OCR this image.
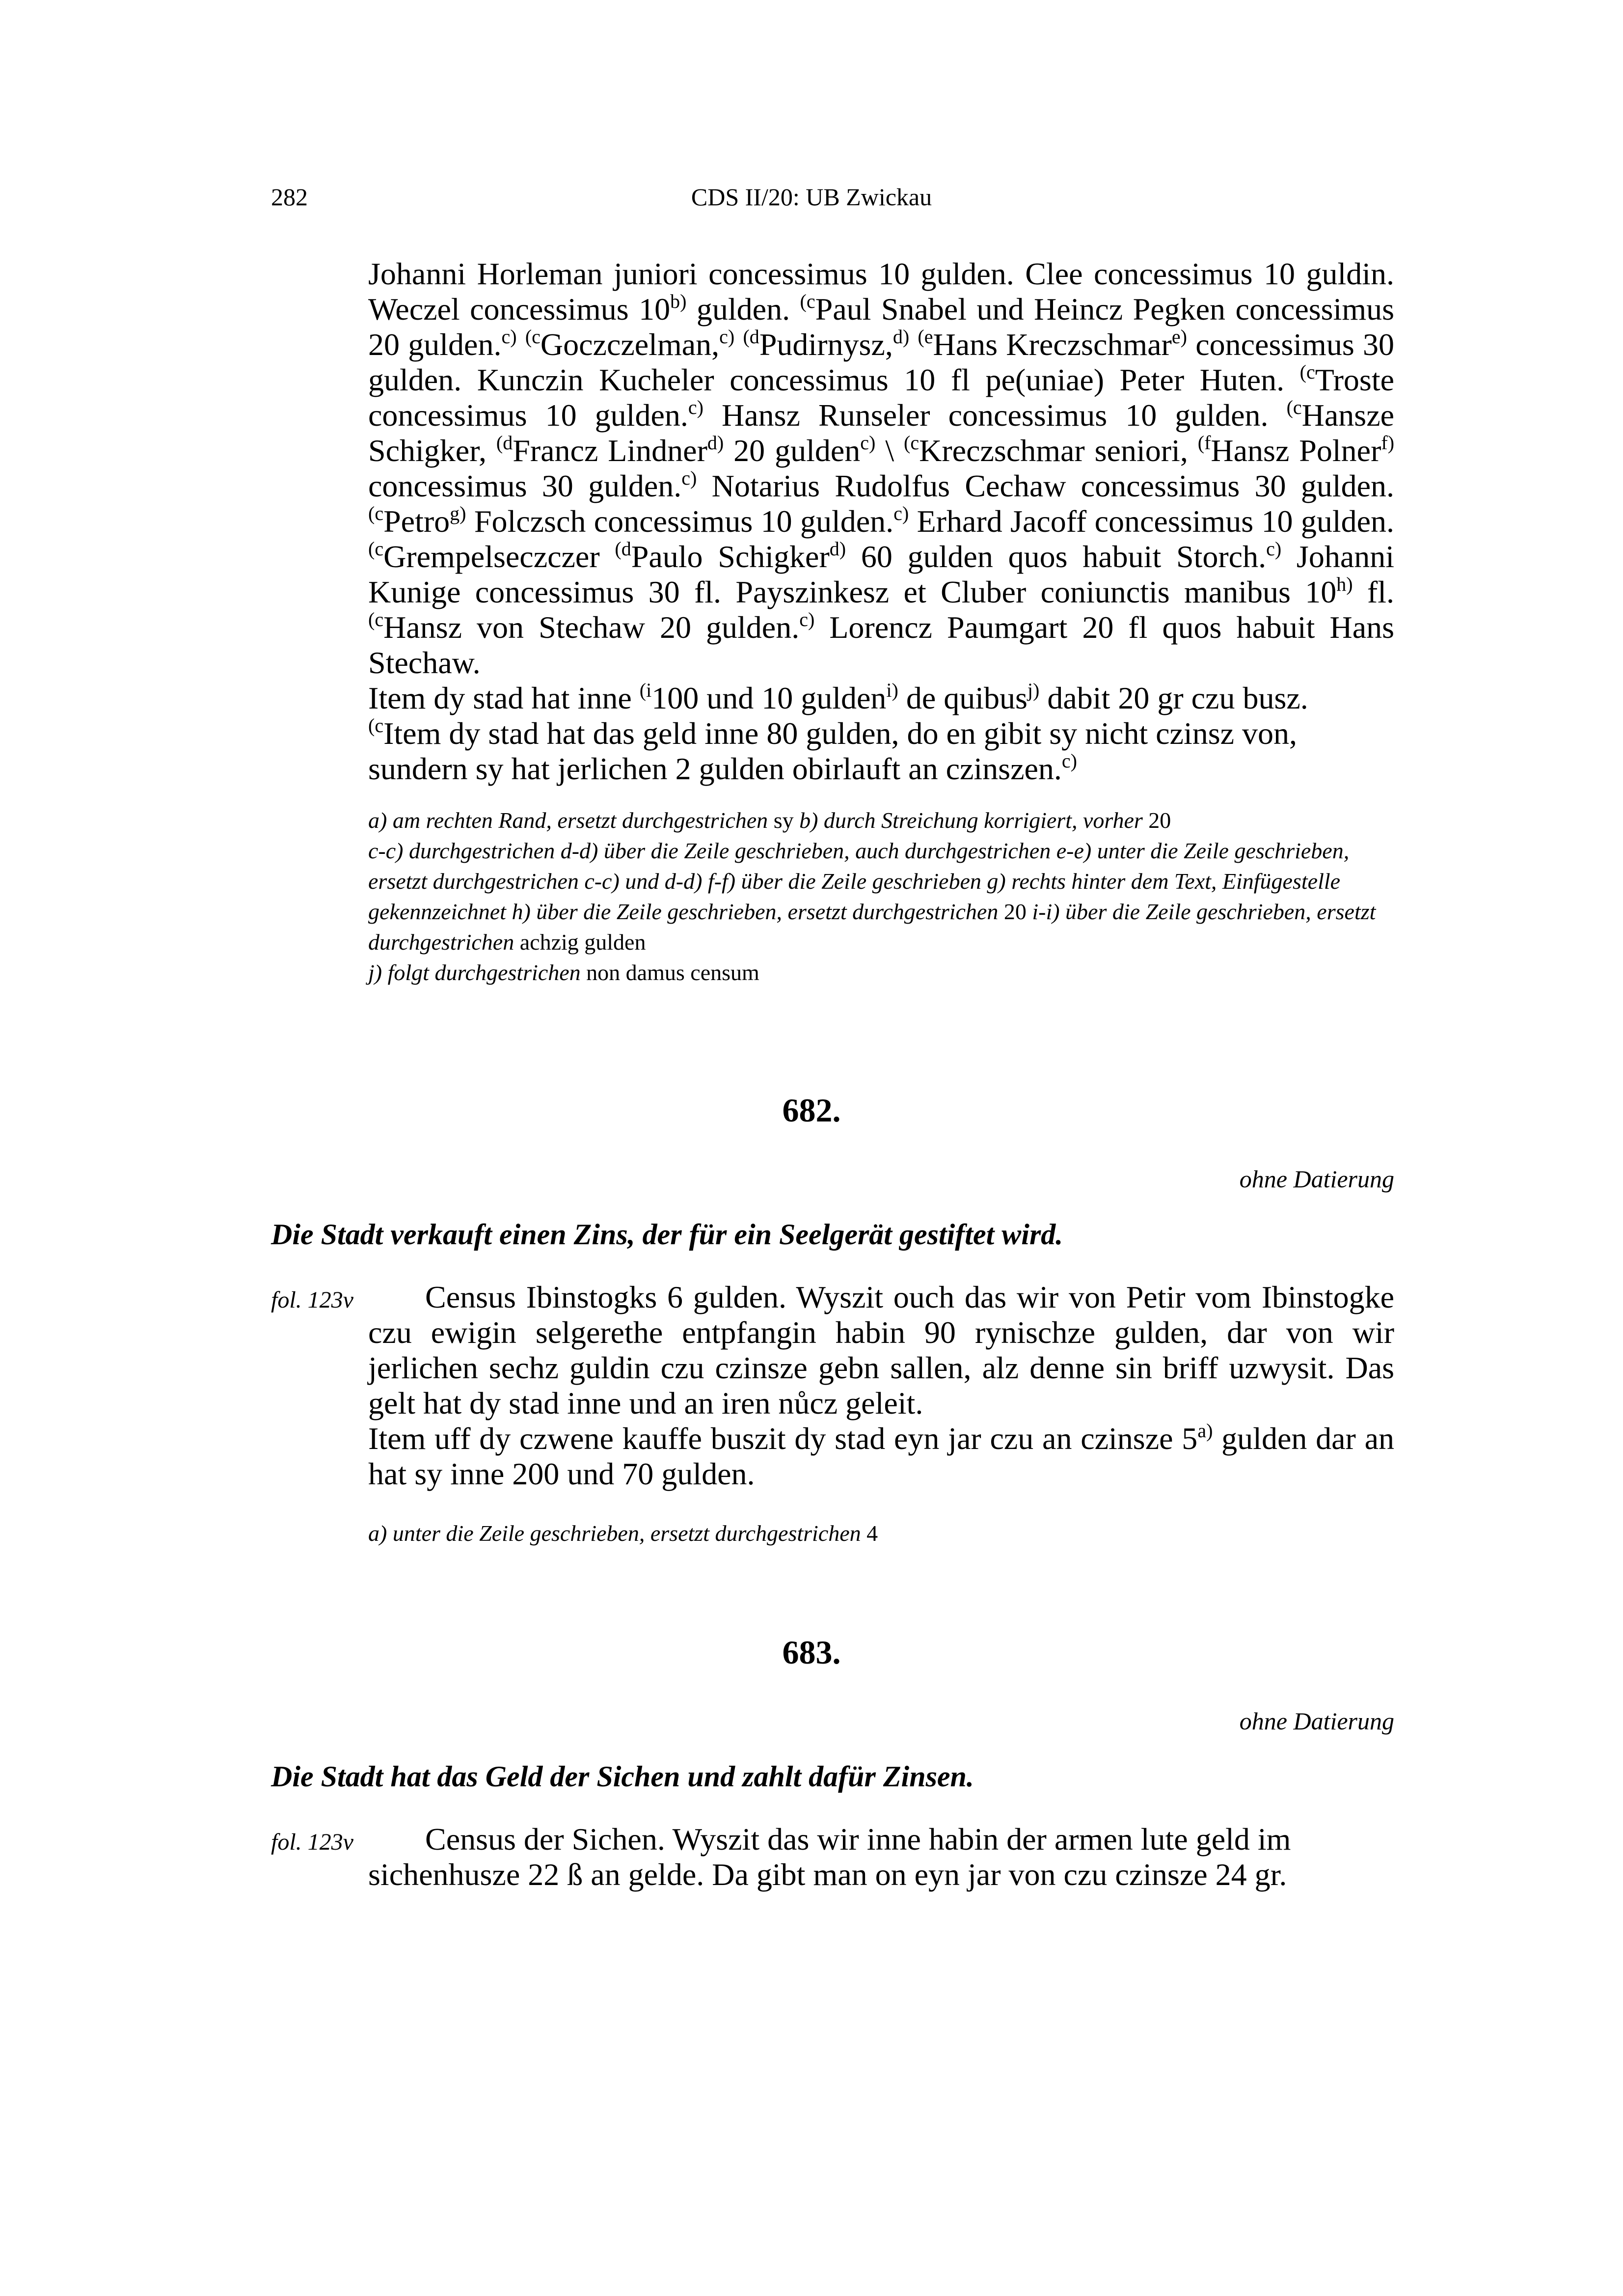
282	CDS II/20: UB Zwickau

Johanni Horleman juniori concessimus 10 gulden. Clee concessimus 10 guldin. Weczel concessimus 10$^{b)}$ gulden. $^{(c}$Paul Snabel und Heincz Pegken concessimus 20 gulden.$^{c)}$ $^{(c}$Goczczelman,$^{c)}$ $^{(d}$Pudirnysz,$^{d)}$ $^{(e}$Hans Kreczschmar$^{e)}$ concessimus 30 gulden. Kunczin Kucheler concessimus 10 fl pe(uniae) Peter Huten. $^{(c}$Troste concessimus 10 gulden.$^{c)}$ Hansz Runseler concessimus 10 gulden. $^{(c}$Hansze Schigker, $^{(d}$Francz Lindner$^{d)}$ 20 gulden$^{c)}$ \ $^{(c}$Kreczschmar seniori, $^{(f}$Hansz Polner$^{f)}$ concessimus 30 gulden.$^{c)}$ Notarius Rudolfus Cechaw concessimus 30 gulden. $^{(c}$Petro$^{g)}$ Folczsch concessimus 10 gulden.$^{c)}$ Erhard Jacoff concessimus 10 gulden. $^{(c}$Grempelseczczer $^{(d}$Paulo Schigker$^{d)}$ 60 gulden quos habuit Storch.$^{c)}$ Johanni Kunige concessimus 30 fl. Payszinkesz et Cluber coniunctis manibus 10$^{h)}$ fl. $^{(c}$Hansz von Stechaw 20 gulden.$^{c)}$ Lorencz Paumgart 20 fl quos habuit Hans Stechaw.

Item dy stad hat inne $^{(i}$100 und 10 gulden$^{i)}$ de quibus$^{j)}$ dabit 20 gr czu busz.

$^{(c}$Item dy stad hat das geld inne 80 gulden, do en gibit sy nicht czinsz von, sundern sy hat jerlichen 2 gulden obirlauft an czinszen.$^{c)}$

a) am rechten Rand, ersetzt durchgestrichen sy b) durch Streichung korrigiert, vorher 20

c-c) durchgestrichen d-d) über die Zeile geschrieben, auch durchgestrichen e-e) unter die Zeile geschrieben, ersetzt durchgestrichen c-c) und d-d) f-f) über die Zeile geschrieben g) rechts hinter dem Text, Einfügestelle gekennzeichnet h) über die Zeile geschrieben, ersetzt durchgestrichen 20 i-i) über die Zeile geschrieben, ersetzt durchgestrichen achzig gulden

j) folgt durchgestrichen non damus censum

682.
ohne Datierung
Die Stadt verkauft einen Zins, der für ein Seelgerät gestiftet wird.
fol. 123v	Census Ibinstogks 6 gulden. Wyszit ouch das wir von Petir vom Ibinstogke czu ewigin selgerethe entpfangin habin 90 rynischze gulden, dar von wir jerlichen sechz guldin czu czinsze gebn sallen, alz denne sin briff uzwysit. Das gelt hat dy stad inne und an iren nůcz geleit.

Item uff dy czwene kauffe buszit dy stad eyn jar czu an czinsze 5$^{a)}$ gulden dar an hat sy inne 200 und 70 gulden.

a) unter die Zeile geschrieben, ersetzt durchgestrichen 4

683.
ohne Datierung
Die Stadt hat das Geld der Sichen und zahlt dafür Zinsen.
fol. 123v	Census der Sichen. Wyszit das wir inne habin der armen lute geld im sichenhusze 22 ß an gelde. Da gibt man on eyn jar von czu czinsze 24 gr.
